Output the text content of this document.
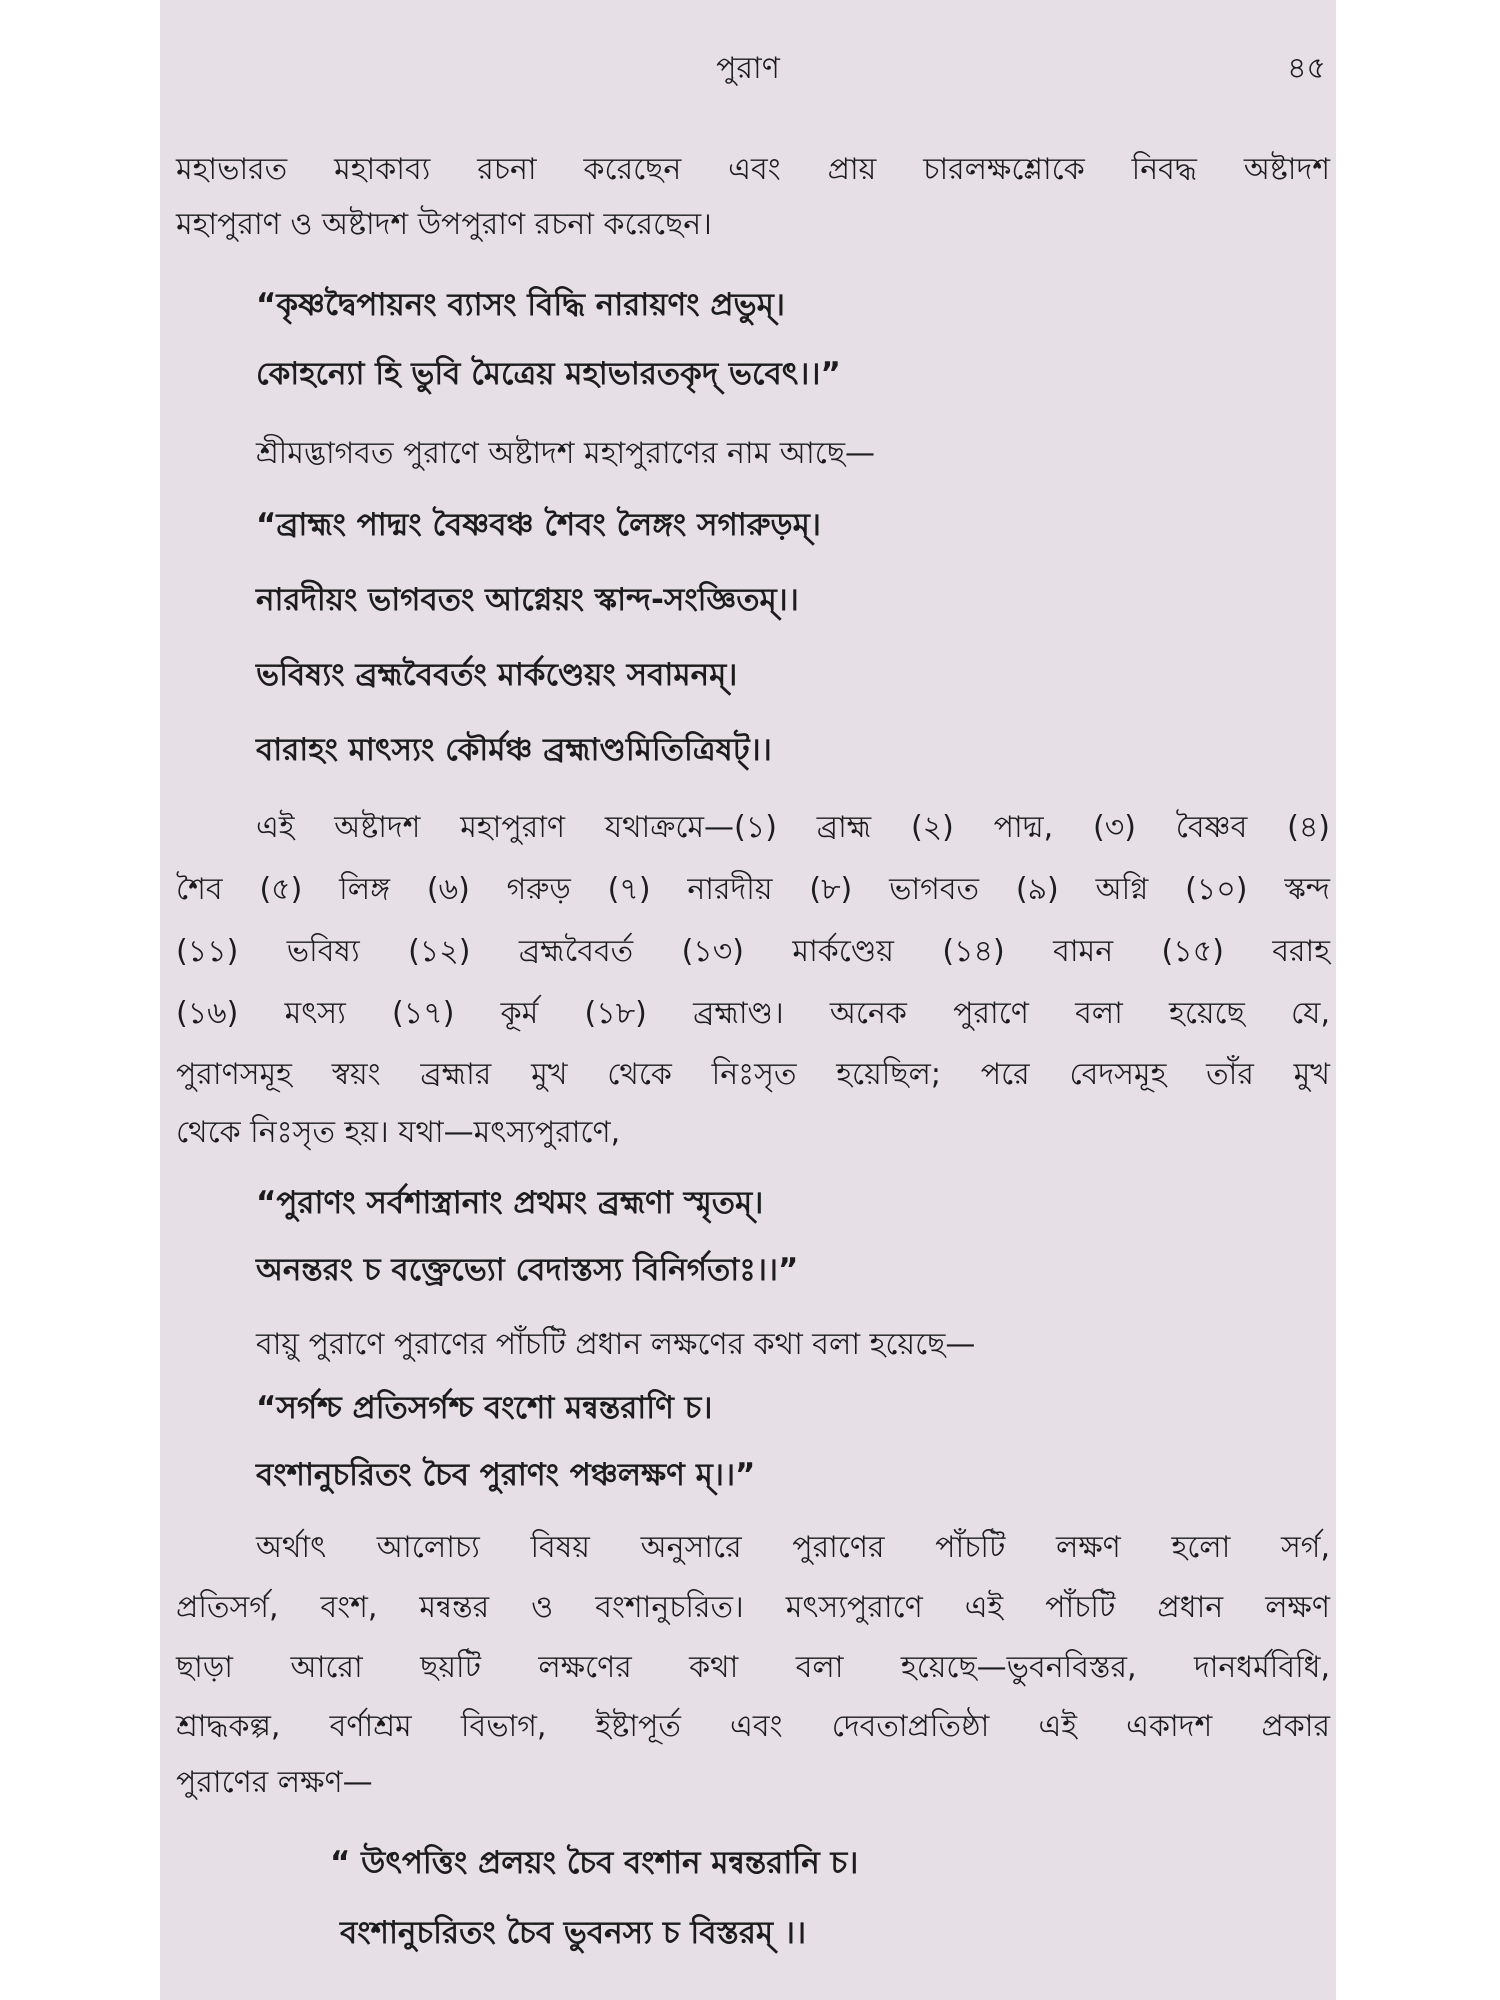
পুরাণ	৪৫
মহাভারত মহাকাব্য রচনা করেছেন এবং প্রায় চারলক্ষশ্লোকে নিবদ্ধ অষ্টাদশ
মহাপুরাণ ও অষ্টাদশ উপপুরাণ রচনা করেছেন।
“কৃষ্ণদ্বৈপায়নং ব্যাসং বিদ্ধি নারায়ণং প্রভুম্।
কোহন্যো হি ভুবি মৈত্রেয় মহাভারতকৃদ্ ভবেৎ।।”
শ্রীমদ্ভাগবত পুরাণে অষ্টাদশ মহাপুরাণের নাম আছে—
“ব্রাহ্মং পাদ্মং বৈষ্ণবঞ্চ শৈবং লৈঙ্গং সগারুড়ম্।
নারদীয়ং ভাগবতং আগ্নেয়ং স্কান্দ-সংজ্ঞিতম্।।
ভবিষ্যং ব্রহ্মবৈবর্তং মার্কণ্ডেয়ং সবামনম্।
বারাহং মাৎস্যং কৌর্মঞ্চ ব্রহ্মাণ্ডমিতিত্রিষট্।।
এই অষ্টাদশ মহাপুরাণ যথাক্রমে—(১) ব্রাহ্ম (২) পাদ্ম, (৩) বৈষ্ণব (৪)
শৈব (৫) লিঙ্গ (৬) গরুড় (৭) নারদীয় (৮) ভাগবত (৯) অগ্নি (১০) স্কন্দ
(১১) ভবিষ্য (১২) ব্রহ্মবৈবর্ত (১৩) মার্কণ্ডেয় (১৪) বামন (১৫) বরাহ
(১৬) মৎস্য (১৭) কূর্ম (১৮) ব্রহ্মাণ্ড। অনেক পুরাণে বলা হয়েছে যে,
পুরাণসমূহ স্বয়ং ব্রহ্মার মুখ থেকে নিঃসৃত হয়েছিল; পরে বেদসমূহ তাঁর মুখ
থেকে নিঃসৃত হয়। যথা—মৎস্যপুরাণে,
“পুরাণং সর্বশাস্ত্রানাং প্রথমং ব্রহ্মণা স্মৃতম্।
অনন্তরং চ বক্ত্রেভ্যো বেদাস্তস্য বিনির্গতাঃ।।”
বায়ু পুরাণে পুরাণের পাঁচটি প্রধান লক্ষণের কথা বলা হয়েছে—
“সর্গশ্চ প্রতিসর্গশ্চ বংশো মন্বন্তরাণি চ।
বংশানুচরিতং চৈব পুরাণং পঞ্চলক্ষণ ম্।।”
অর্থাৎ আলোচ্য বিষয় অনুসারে পুরাণের পাঁচটি লক্ষণ হলো সর্গ,
প্রতিসর্গ, বংশ, মন্বন্তর ও বংশানুচরিত। মৎস্যপুরাণে এই পাঁচটি প্রধান লক্ষণ
ছাড়া আরো ছয়টি লক্ষণের কথা বলা হয়েছে—ভুবনবিস্তর, দানধর্মবিধি,
শ্রাদ্ধকল্প, বর্ণাশ্রম বিভাগ, ইষ্টাপূর্ত এবং দেবতাপ্রতিষ্ঠা এই একাদশ প্রকার
পুরাণের লক্ষণ—
“ উৎপত্তিং প্রলয়ং চৈব বংশান মন্বন্তরানি চ।
বংশানুচরিতং চৈব ভুবনস্য চ বিস্তরম্ ।।
